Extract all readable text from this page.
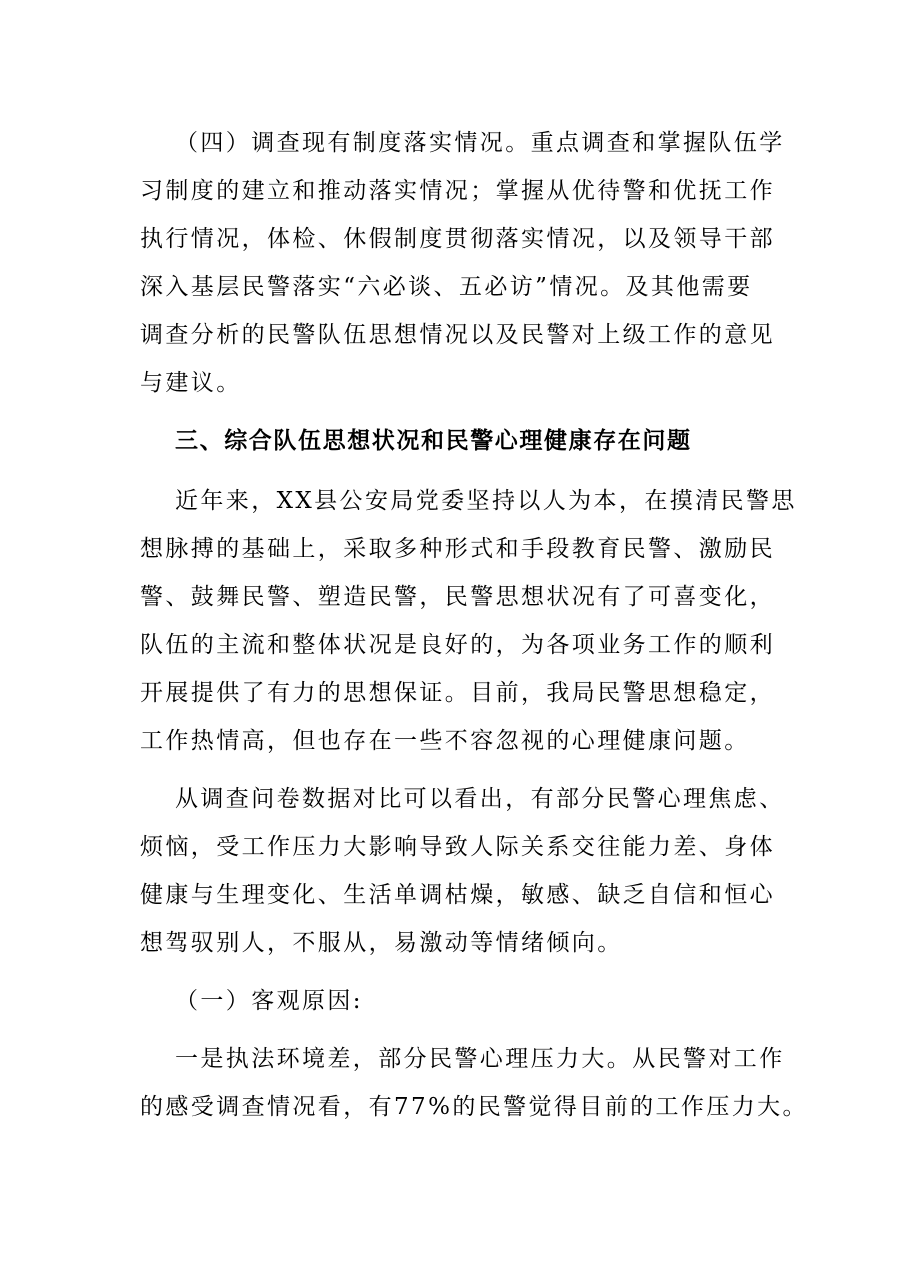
（四）调查现有制度落实情况。重点调查和掌握队伍学
习制度的建立和推动落实情况；掌握从优待警和优抚工作
执行情况，体检、休假制度贯彻落实情况，以及领导干部
深入基层民警落实“六必谈、五必访”情况。及其他需要
调查分析的民警队伍思想情况以及民警对上级工作的意见
与建议。
三、综合队伍思想状况和民警心理健康存在问题
近年来，XX县公安局党委坚持以人为本，在摸清民警思
想脉搏的基础上，采取多种形式和手段教育民警、激励民
警、鼓舞民警、塑造民警，民警思想状况有了可喜变化，
队伍的主流和整体状况是良好的，为各项业务工作的顺利
开展提供了有力的思想保证。目前，我局民警思想稳定，
工作热情高，但也存在一些不容忽视的心理健康问题。
从调查问卷数据对比可以看出，有部分民警心理焦虑、
烦恼，受工作压力大影响导致人际关系交往能力差、身体
健康与生理变化、生活单调枯燥，敏感、缺乏自信和恒心
想驾驭别人，不服从，易激动等情绪倾向。
（一）客观原因:
一是执法环境差，部分民警心理压力大。从民警对工作
的感受调查情况看，有77%的民警觉得目前的工作压力大。
